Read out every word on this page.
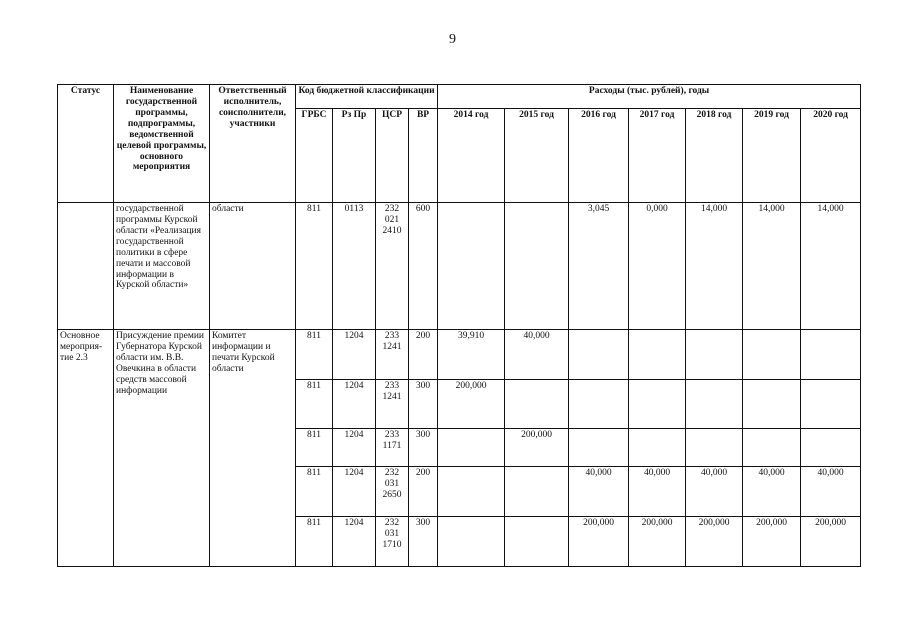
9
Статус	Наименование государственной программы, подпрограммы, ведомственной целевой программы, основного мероприятия	Ответственный исполнитель, соисполнители, участники	Код бюджетной классификации				Расходы (тыс. рублей), годы						
			ГРБС	Рз Пр	ЦСР	ВР	2014 год	2015 год	2016 год	2017 год	2018 год	2019 год	2020 год
	государственной программы Курской области «Реализация государственной политики в сфере печати и массовой информации в Курской области»	области	811	0113	232
021
2410	600			3,045	0,000	14,000	14,000	14,000
Основное мероприя-тие 2.3	Присуждение премии Губернатора Курской области им. В.В. Овечкина в области средств массовой информации	Комитет информации и печати Курской области	811	1204	233
1241	200	39,910	40,000					
			811	1204	233
1241	300	200,000						
			811	1204	233
1171	300		200,000					
			811	1204	232
031
2650	200			40,000	40,000	40,000	40,000	40,000
			811	1204	232
031
1710	300			200,000	200,000	200,000	200,000	200,000
